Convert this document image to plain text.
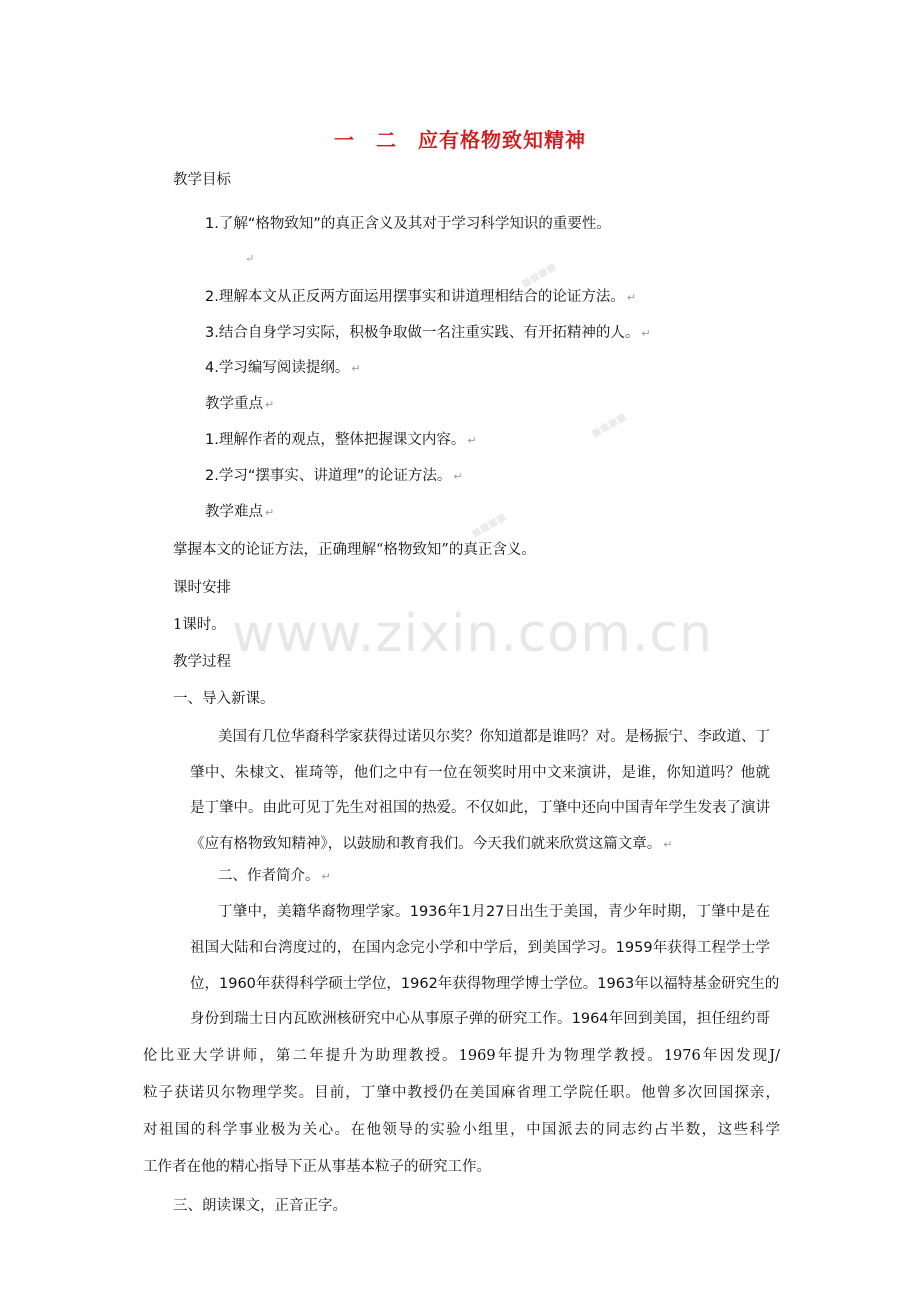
www.zixin.com.cn
■■■■
■■■■
■■■■
一　二　应有格物致知精神
教学目标
1.了解“格物致知”的真正含义及其对于学习科学知识的重要性。
↵
2.理解本文从正反两方面运用摆事实和讲道理相结合的论证方法。 ↵
3.结合自身学习实际，积极争取做一名注重实践、有开拓精神的人。 ↵
4.学习编写阅读提纲。 ↵
教学重点 ↵
1.理解作者的观点，整体把握课文内容。 ↵
2.学习“摆事实、讲道理”的论证方法。 ↵
教学难点 ↵
掌握本文的论证方法，正确理解“格物致知”的真正含义。
课时安排
1课时。
教学过程
一、导入新课。
美国有几位华裔科学家获得过诺贝尔奖？你知道都是谁吗？对。是杨振宁、李政道、丁
肇中、朱棣文、崔琦等，他们之中有一位在领奖时用中文来演讲，是谁，你知道吗？他就
是丁肇中。由此可见丁先生对祖国的热爱。不仅如此，丁肇中还向中国青年学生发表了演讲
《应有格物致知精神》，以鼓励和教育我们。今天我们就来欣赏这篇文章。 ↵
二、作者简介。 ↵
丁肇中，美籍华裔物理学家。1936年1月27日出生于美国，青少年时期，丁肇中是在
祖国大陆和台湾度过的，在国内念完小学和中学后，到美国学习。1959年获得工程学士学
位，1960年获得科学硕士学位，1962年获得物理学博士学位。1963年以福特基金研究生的
身份到瑞士日内瓦欧洲核研究中心从事原子弹的研究工作。1964年回到美国，担任纽约哥
伦比亚大学讲师，第二年提升为助理教授。1969年提升为物理学教授。1976年因发现J/
粒子获诺贝尔物理学奖。目前，丁肇中教授仍在美国麻省理工学院任职。他曾多次回国探亲，
对祖国的科学事业极为关心。在他领导的实验小组里，中国派去的同志约占半数，这些科学
工作者在他的精心指导下正从事基本粒子的研究工作。
三、朗读课文，正音正字。
